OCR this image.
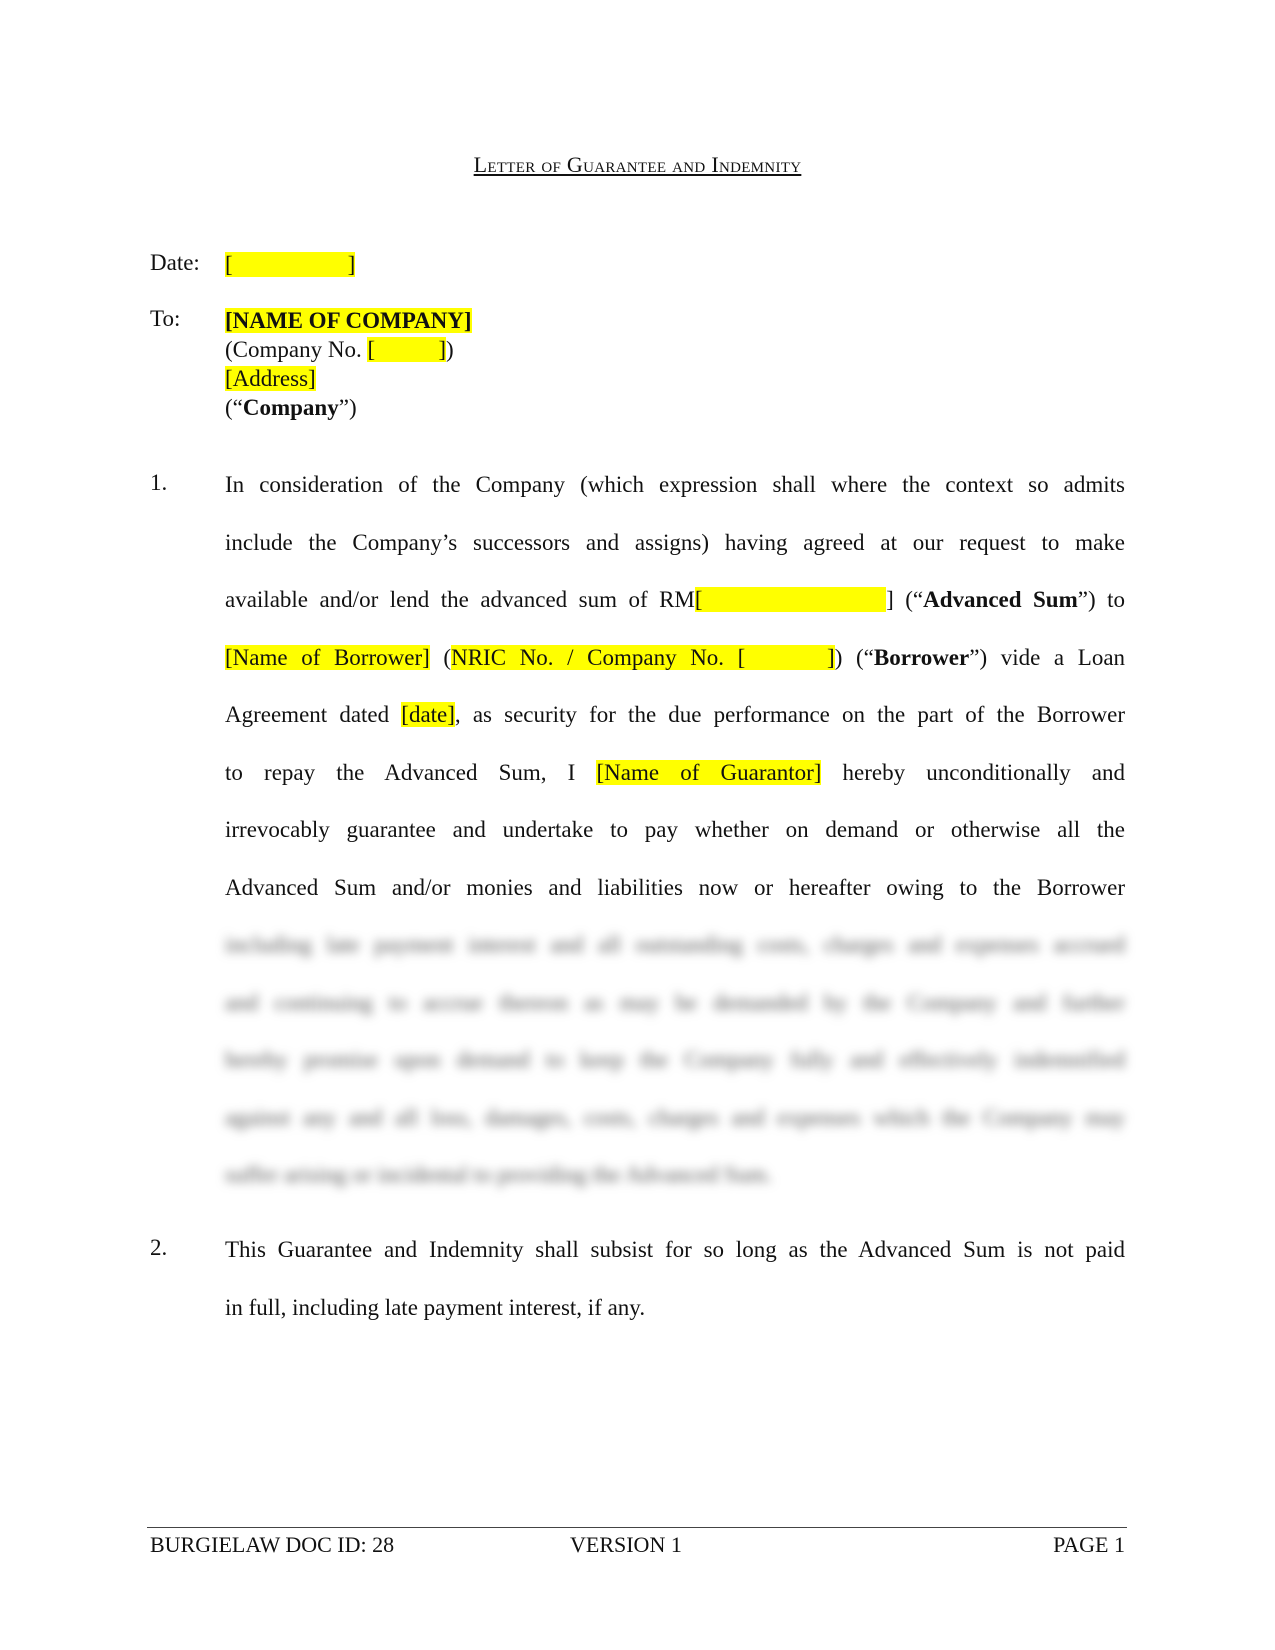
Letter of Guarantee and Indemnity
Date: [                    ]
To: [NAME OF COMPANY]
(Company No. [           ])
[Address]
(“Company”)
1.	In consideration of the Company (which expression shall where the context so admits
include the Company’s successors and assigns) having agreed at our request to make
available and/or lend the advanced sum of RM[                ] (“Advanced Sum”) to
[Name of Borrower] (NRIC No. / Company No. [      ]) (“Borrower”) vide a Loan
Agreement dated [date], as security for the due performance on the part of the Borrower
to repay the Advanced Sum, I [Name of Guarantor] hereby unconditionally and
irrevocably guarantee and undertake to pay whether on demand or otherwise all the
Advanced Sum and/or monies and liabilities now or hereafter owing to the Borrower
including late payment interest and all outstanding costs, charges and expenses accrued
and continuing to accrue thereon as may be demanded by the Company and further
hereby promise upon demand to keep the Company fully and effectively indemnified
against any and all loss, damages, costs, charges and expenses which the Company may
suffer arising or incidental to providing the Advanced Sum.
2.	This Guarantee and Indemnity shall subsist for so long as the Advanced Sum is not paid
in full, including late payment interest, if any.
BURGIELAW DOC ID: 28	VERSION 1	PAGE 1
